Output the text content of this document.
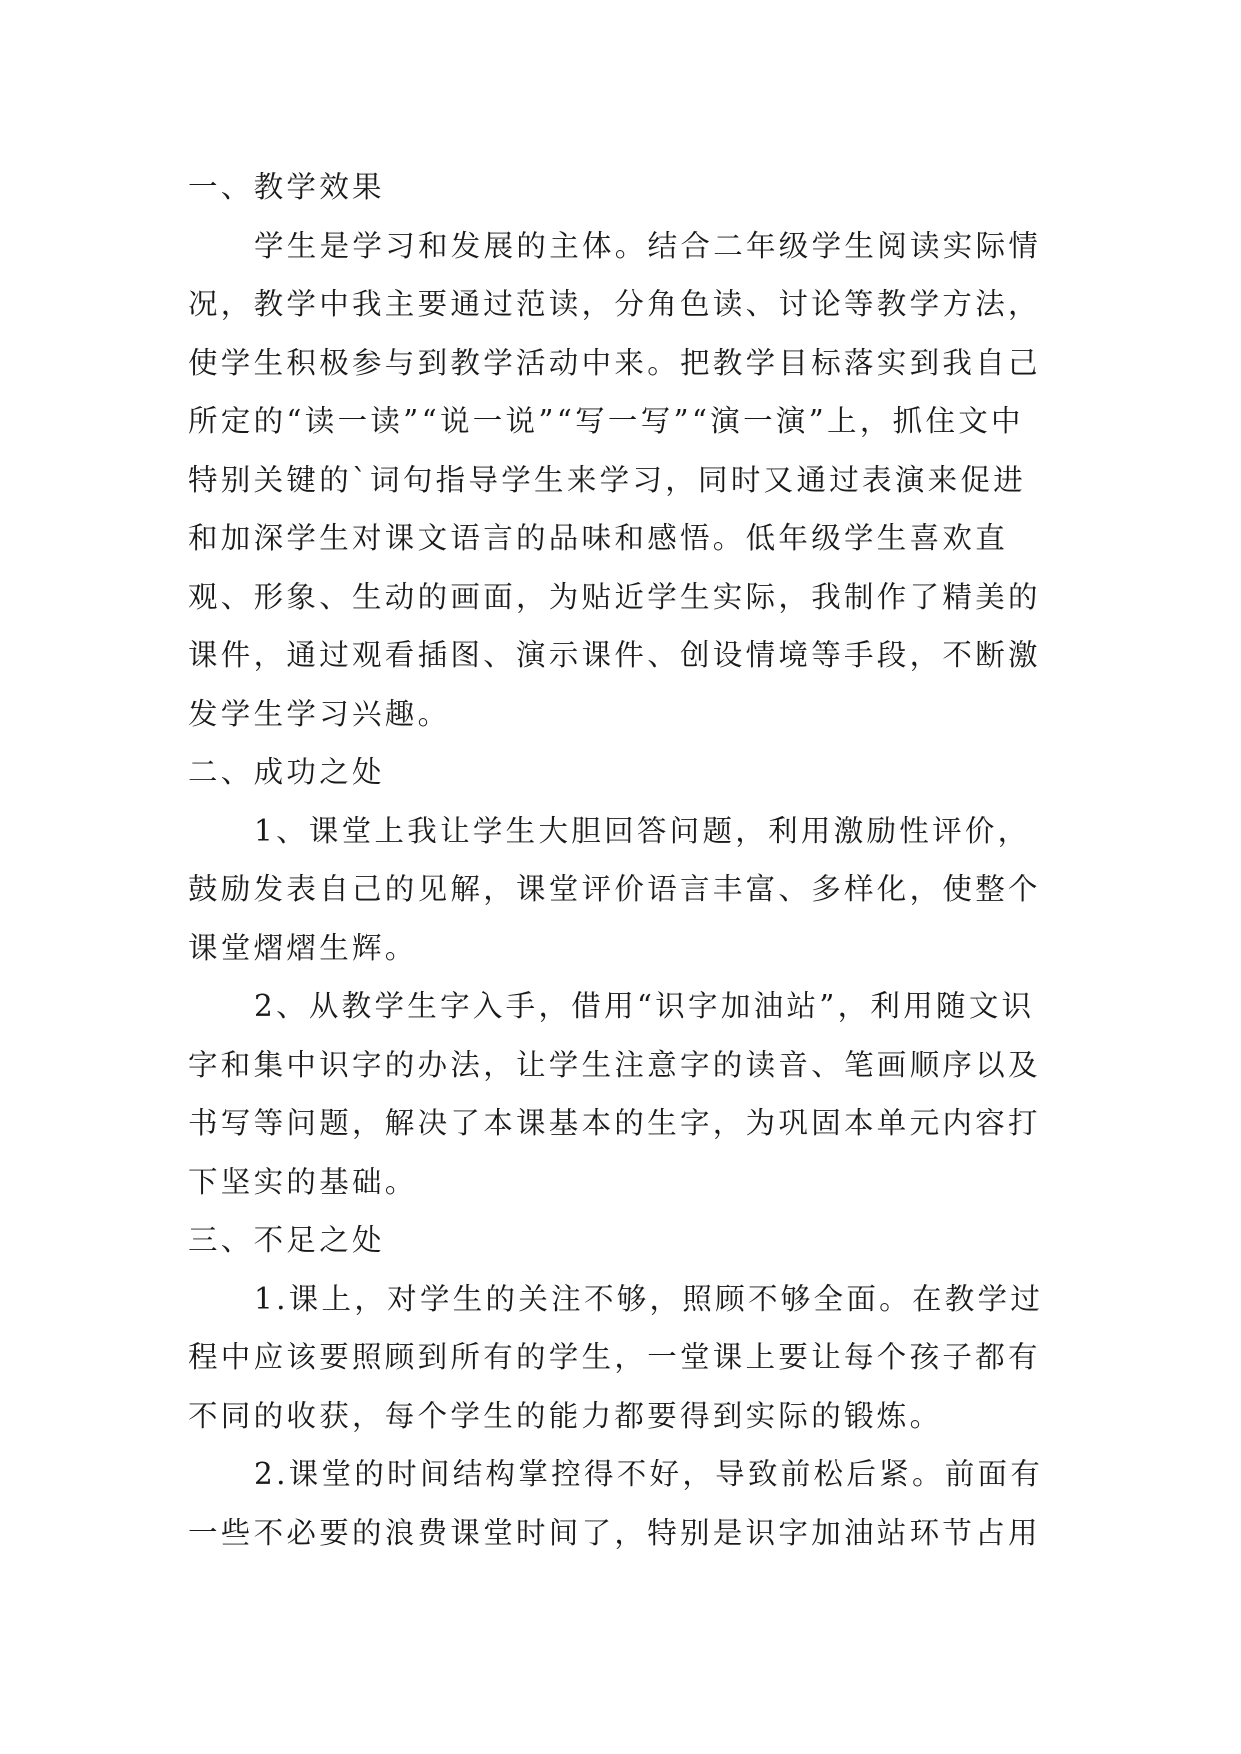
一、教学效果

学生是学习和发展的主体。结合二年级学生阅读实际情况，教学中我主要通过范读，分角色读、讨论等教学方法，使学生积极参与到教学活动中来。把教学目标落实到我自己所定的“读一读”“说一说”“写一写”“演一演”上，抓住文中特别关键的`词句指导学生来学习，同时又通过表演来促进和加深学生对课文语言的品味和感悟。低年级学生喜欢直观、形象、生动的画面，为贴近学生实际，我制作了精美的课件，通过观看插图、演示课件、创设情境等手段，不断激发学生学习兴趣。

二、成功之处

1、课堂上我让学生大胆回答问题，利用激励性评价，鼓励发表自己的见解，课堂评价语言丰富、多样化，使整个课堂熠熠生辉。

2、从教学生字入手，借用“识字加油站”，利用随文识字和集中识字的办法，让学生注意字的读音、笔画顺序以及书写等问题，解决了本课基本的生字，为巩固本单元内容打下坚实的基础。

三、不足之处

1.课上，对学生的关注不够，照顾不够全面。在教学过程中应该要照顾到所有的学生，一堂课上要让每个孩子都有不同的收获，每个学生的能力都要得到实际的锻炼。

2.课堂的时间结构掌控得不好，导致前松后紧。前面有一些不必要的浪费课堂时间了，特别是识字加油站环节占用
